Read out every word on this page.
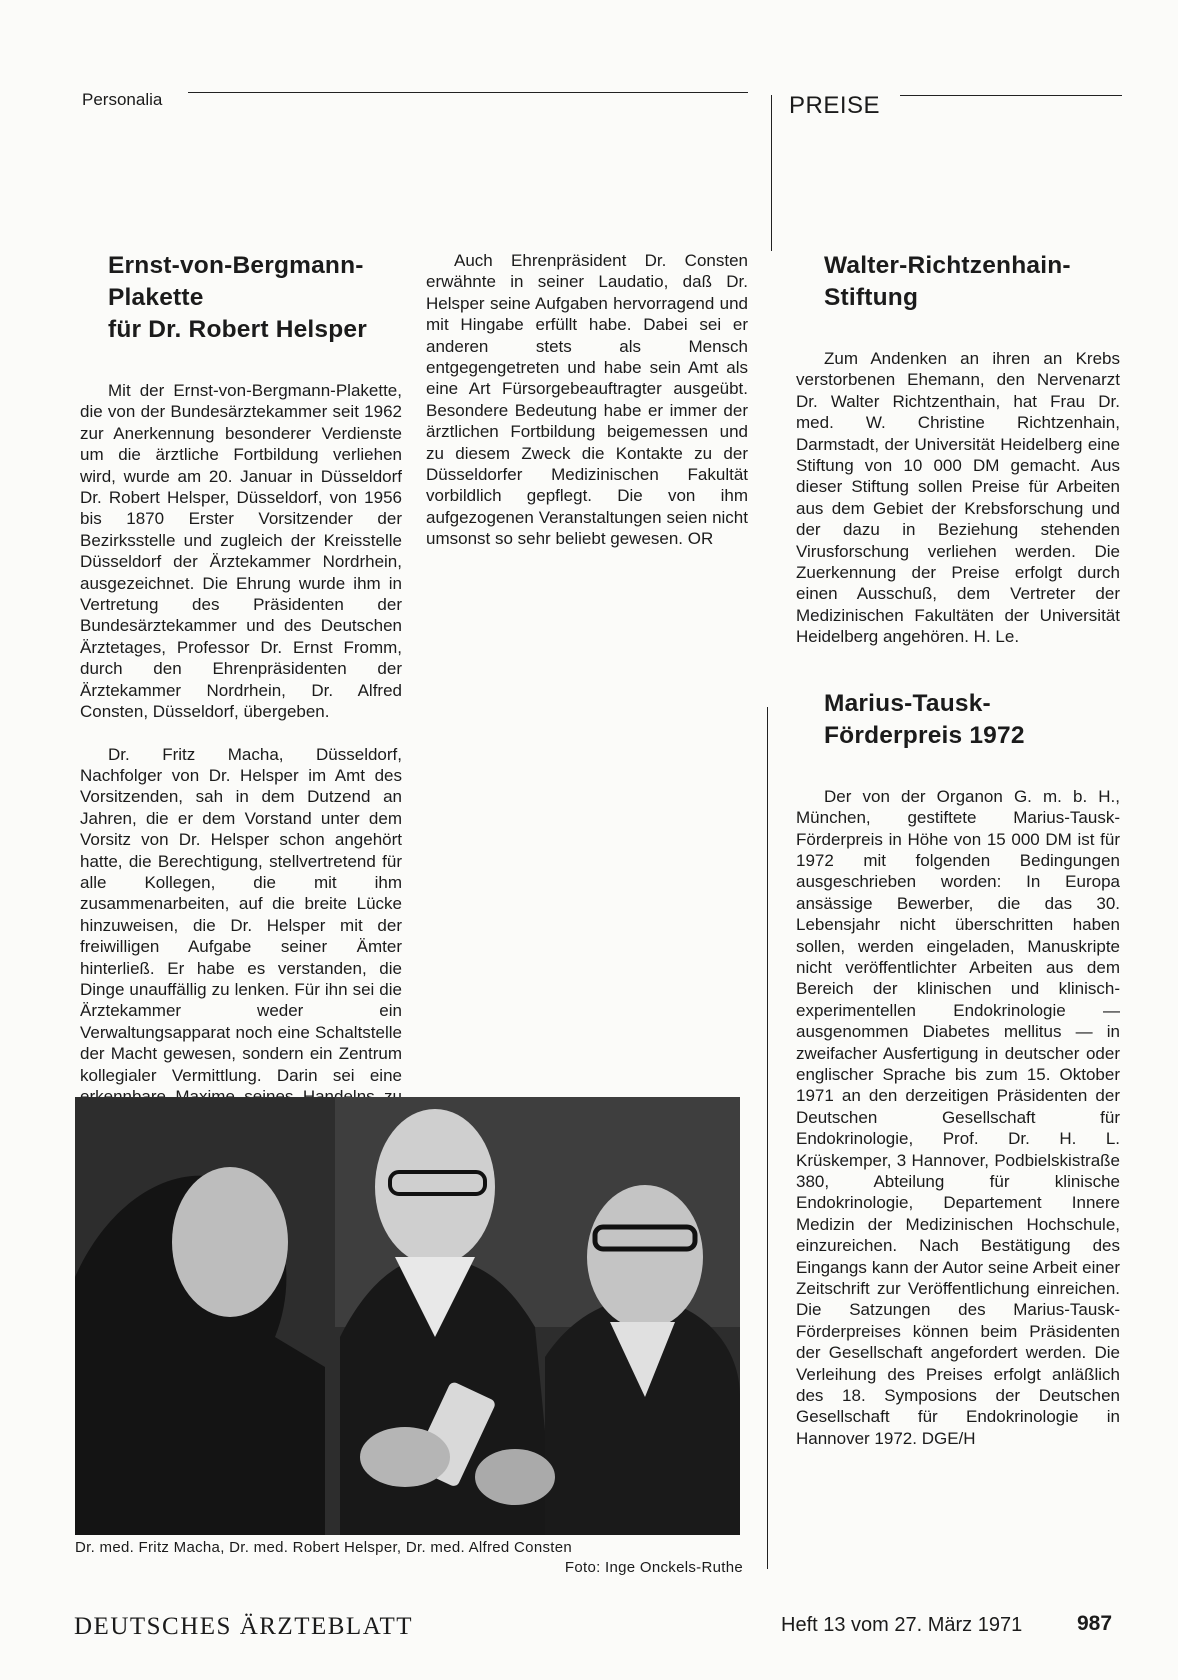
Personalia	PREISE
Ernst-von-Bergmann-
Plakette
für Dr. Robert Helsper

Mit der Ernst-von-Bergmann-Plakette, die von der Bundesärztekammer seit 1962 zur Anerkennung besonderer Verdienste um die ärztliche Fortbildung verliehen wird, wurde am 20. Januar in Düsseldorf Dr. Robert Helsper, Düsseldorf, von 1956 bis 1870 Erster Vorsitzender der Bezirksstelle und zugleich der Kreisstelle Düsseldorf der Ärztekammer Nordrhein, ausgezeichnet. Die Ehrung wurde ihm in Vertretung des Präsidenten der Bundesärztekammer und des Deutschen Ärztetages, Professor Dr. Ernst Fromm, durch den Ehrenpräsidenten der Ärztekammer Nordrhein, Dr. Alfred Consten, Düsseldorf, übergeben.

Dr. Fritz Macha, Düsseldorf, Nachfolger von Dr. Helsper im Amt des Vorsitzenden, sah in dem Dutzend an Jahren, die er dem Vorstand unter dem Vorsitz von Dr. Helsper schon angehört hatte, die Berechtigung, stellvertretend für alle Kollegen, die mit ihm zusammenarbeiten, auf die breite Lücke hinzuweisen, die Dr. Helsper mit der freiwilligen Aufgabe seiner Ämter hinterließ. Er habe es verstanden, die Dinge unauffällig zu lenken. Für ihn sei die Ärztekammer weder ein Verwaltungsapparat noch eine Schaltstelle der Macht gewesen, sondern ein Zentrum kollegialer Vermittlung. Darin sei eine

Auch Ehrenpräsident Dr. Consten erwähnte in seiner Laudatio, daß Dr. Helsper seine Aufgaben hervorragend und mit Hingabe erfüllt habe. Dabei sei er anderen stets als Mensch entgegengetreten und habe sein Amt als eine Art Fürsorgebeauftragter ausgeübt. Besondere Bedeutung habe er immer der ärztlichen Fortbildung beigemessen und zu diesem Zweck die Kontakte zu der Düsseldorfer Medizinischen Fakultät vorbildlich gepflegt. Die von ihm aufgezogenen Veranstaltungen seien nicht umsonst so sehr beliebt gewesen. OR

Walter-Richtzenhain-
Stiftung

Zum Andenken an ihren an Krebs verstorbenen Ehemann, den Nervenarzt Dr. Walter Richtzenthain, hat Frau Dr. med. W. Christine Richtzenhain, Darmstadt, der Universität Heidelberg eine Stiftung von 10 000 DM gemacht. Aus dieser Stiftung sollen Preise für Arbeiten aus dem Gebiet der Krebsforschung und der dazu in Beziehung stehenden Virusforschung verliehen werden. Die Zuerkennung der Preise erfolgt durch einen Ausschuß, dem Vertreter der Medizinischen Fakultäten der Universität Heidelberg angehören. H. Le.

Marius-Tausk-
Förderpreis 1972

Der von der Organon G. m. b. H., München, gestiftete Marius-Tausk-Förderpreis in Höhe von 15 000 DM ist für 1972 mit folgenden Bedingungen ausgeschrieben worden: In Europa ansässige Bewerber, die das 30. Lebensjahr nicht überschritten haben sollen, werden eingeladen, Manuskripte nicht veröffentlichter Arbeiten aus dem Bereich der klinischen und klinisch-experimentellen Endokrinologie — ausgenommen Diabetes mellitus — in zweifacher Ausfertigung in deutscher oder englischer Sprache bis zum 15. Oktober 1971 an den derzeitigen Präsidenten der Deutschen Gesellschaft für Endokrinologie, Prof. Dr. H. L. Krüskemper, 3 Hannover, Podbielskistraße 380, Abteilung für klinische Endokrinologie, Departement Innere Medizin der Medizinischen Hochschule, einzureichen. Nach Bestätigung des Eingangs kann der Autor seine Arbeit einer Zeitschrift zur Veröffentlichung einreichen. Die Satzungen des Marius-Tausk-Förderpreises können beim Präsidenten der Gesellschaft angefordert werden. Die Verleihung des Preises erfolgt anläßlich des 18. Symposions der Deutschen Gesellschaft für Endokrinologie in Hannover 1972. DGE/H

Dr. med. Fritz Macha, Dr. med. Robert Helsper, Dr. med. Alfred Consten
Foto: Inge Onckels-Ruthe
DEUTSCHES ÄRZTEBLATT	Heft 13 vom 27. März 1971	987
